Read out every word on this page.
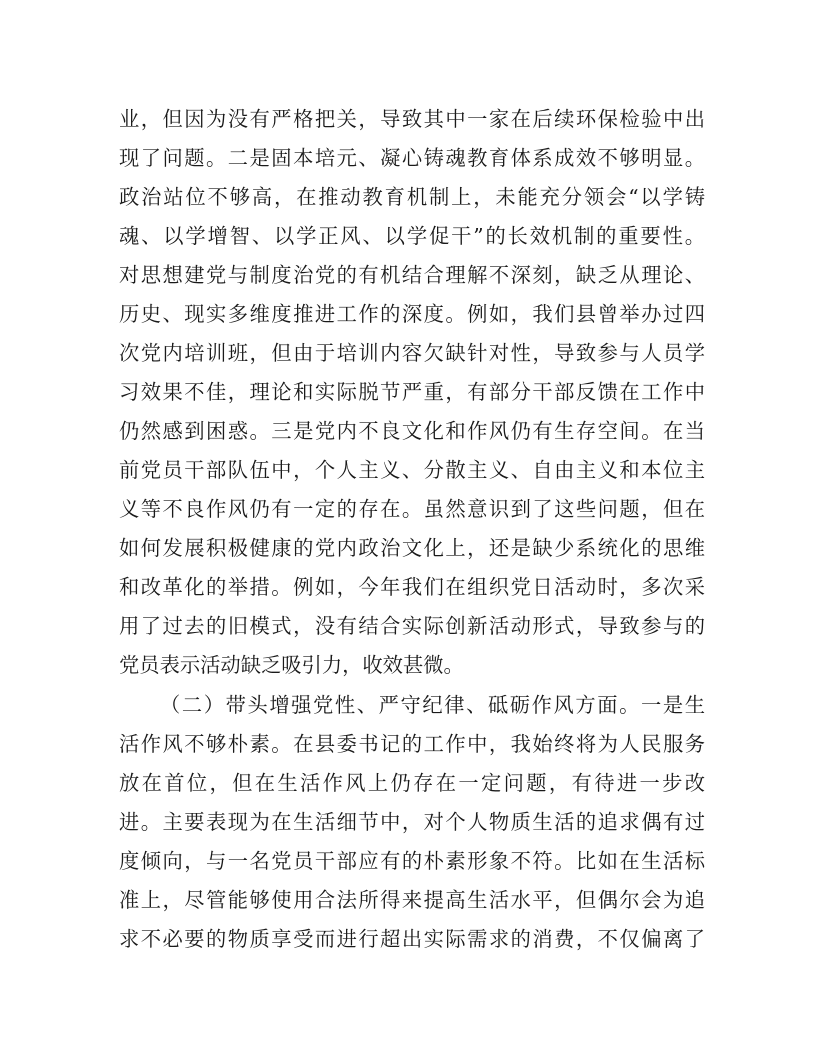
业，但因为没有严格把关，导致其中一家在后续环保检验中出
现了问题。二是固本培元、凝心铸魂教育体系成效不够明显。
政治站位不够高，在推动教育机制上，未能充分领会“以学铸
魂、以学增智、以学正风、以学促干”的长效机制的重要性。
对思想建党与制度治党的有机结合理解不深刻，缺乏从理论、
历史、现实多维度推进工作的深度。例如，我们县曾举办过四
次党内培训班，但由于培训内容欠缺针对性，导致参与人员学
习效果不佳，理论和实际脱节严重，有部分干部反馈在工作中
仍然感到困惑。三是党内不良文化和作风仍有生存空间。在当
前党员干部队伍中，个人主义、分散主义、自由主义和本位主
义等不良作风仍有一定的存在。虽然意识到了这些问题，但在
如何发展积极健康的党内政治文化上，还是缺少系统化的思维
和改革化的举措。例如，今年我们在组织党日活动时，多次采
用了过去的旧模式，没有结合实际创新活动形式，导致参与的
党员表示活动缺乏吸引力，收效甚微。
（二）带头增强党性、严守纪律、砥砺作风方面。一是生
活作风不够朴素。在县委书记的工作中，我始终将为人民服务
放在首位，但在生活作风上仍存在一定问题，有待进一步改
进。主要表现为在生活细节中，对个人物质生活的追求偶有过
度倾向，与一名党员干部应有的朴素形象不符。比如在生活标
准上，尽管能够使用合法所得来提高生活水平，但偶尔会为追
求不必要的物质享受而进行超出实际需求的消费，不仅偏离了
